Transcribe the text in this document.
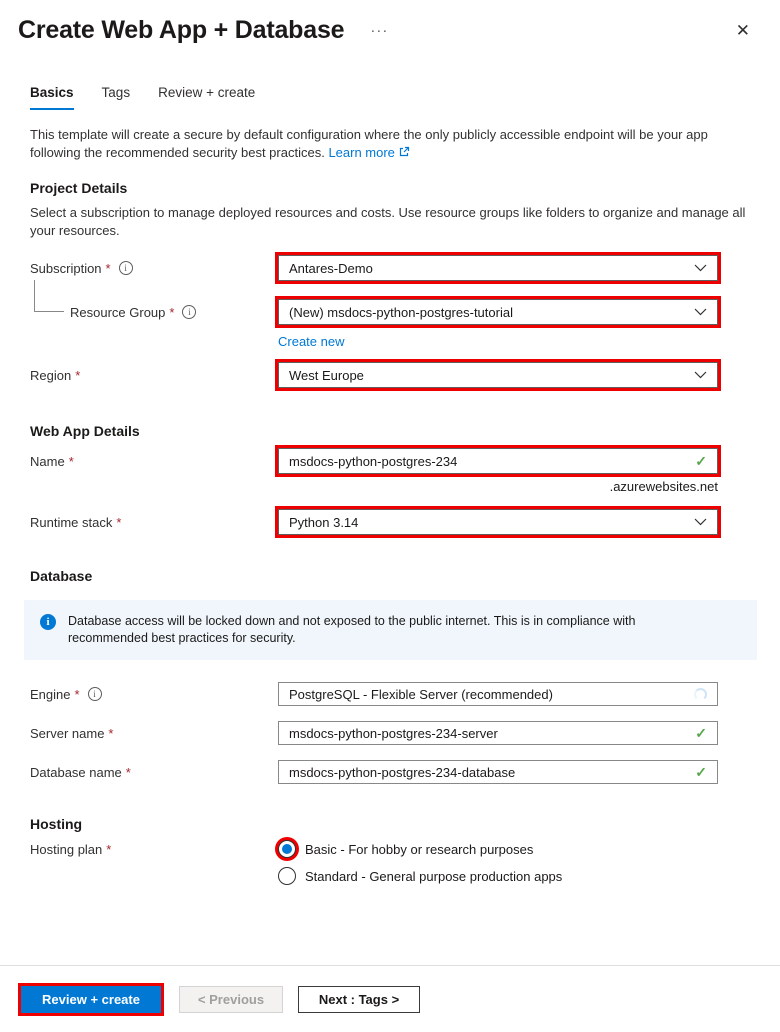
Create Web App + Database ···	✕
Basics Tags Review + create
This template will create a secure by default configuration where the only publicly accessible endpoint will be your app following the recommended security best practices. Learn more
Project Details
Select a subscription to manage deployed resources and costs. Use resource groups like folders to organize and manage all your resources.
Subscription * i	Antares-Demo
Resource Group * i	(New) msdocs-python-postgres-tutorial
Create new
Region *	West Europe
Web App Details
Name *	msdocs-python-postgres-234	✓
.azurewebsites.net
Runtime stack *	Python 3.14
Database
i	Database access will be locked down and not exposed to the public internet. This is in compliance with recommended best practices for security.
Engine * i	PostgreSQL - Flexible Server (recommended)
Server name *	msdocs-python-postgres-234-server	✓
Database name *	msdocs-python-postgres-234-database	✓
Hosting
Hosting plan *	Basic - For hobby or research purposes
Standard - General purpose production apps
Review + create	< Previous	Next : Tags >
